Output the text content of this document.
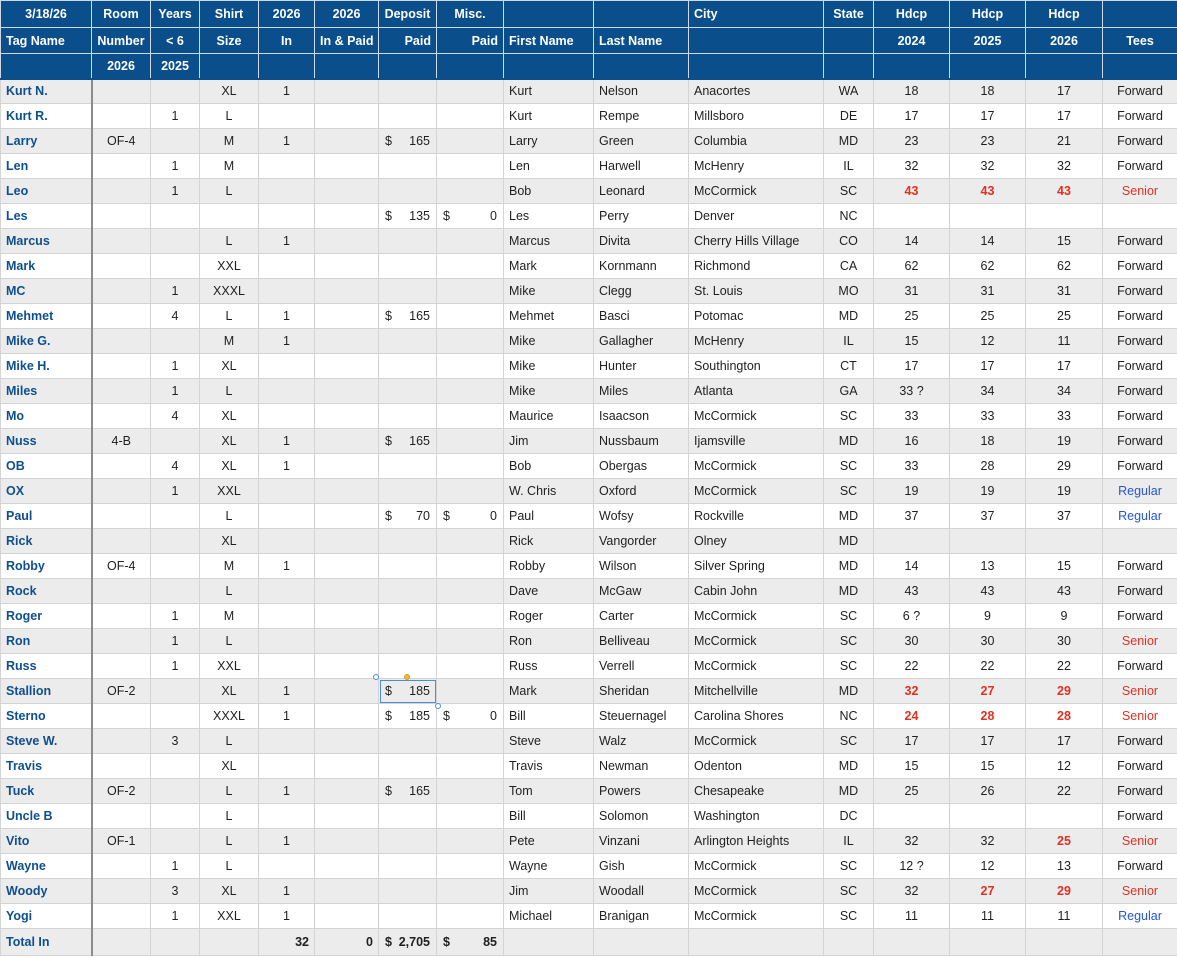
3/18/26	Room	Years	Shirt	2026	2026	Deposit	Misc.			City	State	Hdcp	Hdcp	Hdcp	
Tag Name	Number	< 6	Size	In	In & Paid	Paid	Paid	First Name	Last Name			2024	2025	2026	Tees
	2026	2025													
Kurt N.			XL	1				Kurt	Nelson	Anacortes	WA	18	18	17	Forward
Kurt R.		1	L					Kurt	Rempe	Millsboro	DE	17	17	17	Forward
Larry	OF-4		M	1		$ 165		Larry	Green	Columbia	MD	23	23	21	Forward
Len		1	M					Len	Harwell	McHenry	IL	32	32	32	Forward
Leo		1	L					Bob	Leonard	McCormick	SC	43	43	43	Senior
Les						$ 135	$ 0	Les	Perry	Denver	NC				
Marcus			L	1				Marcus	Divita	Cherry Hills Village	CO	14	14	15	Forward
Mark			XXL					Mark	Kornmann	Richmond	CA	62	62	62	Forward
MC		1	XXXL					Mike	Clegg	St. Louis	MO	31	31	31	Forward
Mehmet		4	L	1		$ 165		Mehmet	Basci	Potomac	MD	25	25	25	Forward
Mike G.			M	1				Mike	Gallagher	McHenry	IL	15	12	11	Forward
Mike H.		1	XL					Mike	Hunter	Southington	CT	17	17	17	Forward
Miles		1	L					Mike	Miles	Atlanta	GA	33 ?	34	34	Forward
Mo		4	XL					Maurice	Isaacson	McCormick	SC	33	33	33	Forward
Nuss	4-B		XL	1		$ 165		Jim	Nussbaum	Ijamsville	MD	16	18	19	Forward
OB		4	XL	1				Bob	Obergas	McCormick	SC	33	28	29	Forward
OX		1	XXL					W. Chris	Oxford	McCormick	SC	19	19	19	Regular
Paul			L			$ 70	$ 0	Paul	Wofsy	Rockville	MD	37	37	37	Regular
Rick			XL					Rick	Vangorder	Olney	MD				
Robby	OF-4		M	1				Robby	Wilson	Silver Spring	MD	14	13	15	Forward
Rock			L					Dave	McGaw	Cabin John	MD	43	43	43	Forward
Roger		1	M					Roger	Carter	McCormick	SC	6 ?	9	9	Forward
Ron		1	L					Ron	Belliveau	McCormick	SC	30	30	30	Senior
Russ		1	XXL					Russ	Verrell	McCormick	SC	22	22	22	Forward
Stallion	OF-2		XL	1		$ 185		Mark	Sheridan	Mitchellville	MD	32	27	29	Senior
Sterno			XXXL	1		$ 185	$ 0	Bill	Steuernagel	Carolina Shores	NC	24	28	28	Senior
Steve W.		3	L					Steve	Walz	McCormick	SC	17	17	17	Forward
Travis			XL					Travis	Newman	Odenton	MD	15	15	12	Forward
Tuck	OF-2		L	1		$ 165		Tom	Powers	Chesapeake	MD	25	26	22	Forward
Uncle B			L					Bill	Solomon	Washington	DC				Forward
Vito	OF-1		L	1				Pete	Vinzani	Arlington Heights	IL	32	32	25	Senior
Wayne		1	L					Wayne	Gish	McCormick	SC	12 ?	12	13	Forward
Woody		3	XL	1				Jim	Woodall	McCormick	SC	32	27	29	Senior
Yogi		1	XXL	1				Michael	Branigan	McCormick	SC	11	11	11	Regular
Total In				32	0	$ 2,705	$ 85								
